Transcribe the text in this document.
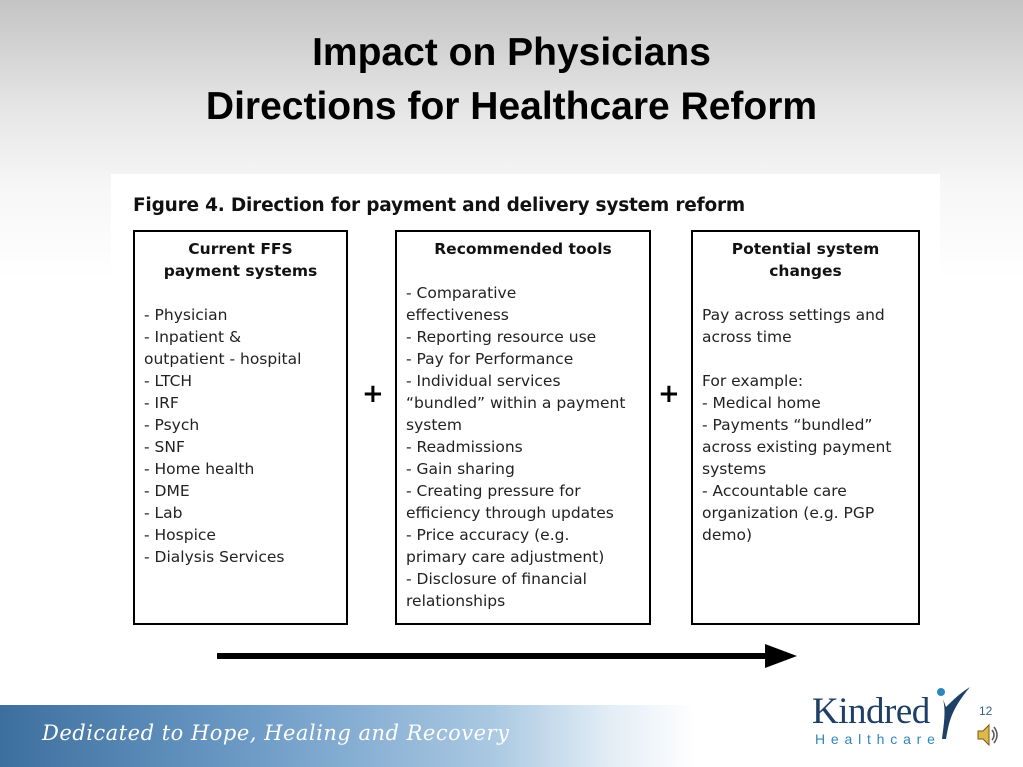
Impact on Physicians
Directions for Healthcare Reform
Figure 4. Direction for payment and delivery system reform
Current FFS
payment systems
- Physician
- Inpatient &
outpatient - hospital
- LTCH
- IRF
- Psych
- SNF
- Home health
- DME
- Lab
- Hospice
- Dialysis Services
+
Recommended tools
- Comparative
effectiveness
- Reporting resource use
- Pay for Performance
- Individual services
“bundled” within a payment
system
- Readmissions
- Gain sharing
- Creating pressure for
efficiency through updates
- Price accuracy (e.g.
primary care adjustment)
- Disclosure of financial
relationships
+
Potential system
changes
Pay across settings and
across time

For example:
- Medical home
- Payments “bundled”
across existing payment
systems
- Accountable care
organization (e.g. PGP
demo)
Dedicated to Hope, Healing and Recovery
Kindred
Healthcare
12
